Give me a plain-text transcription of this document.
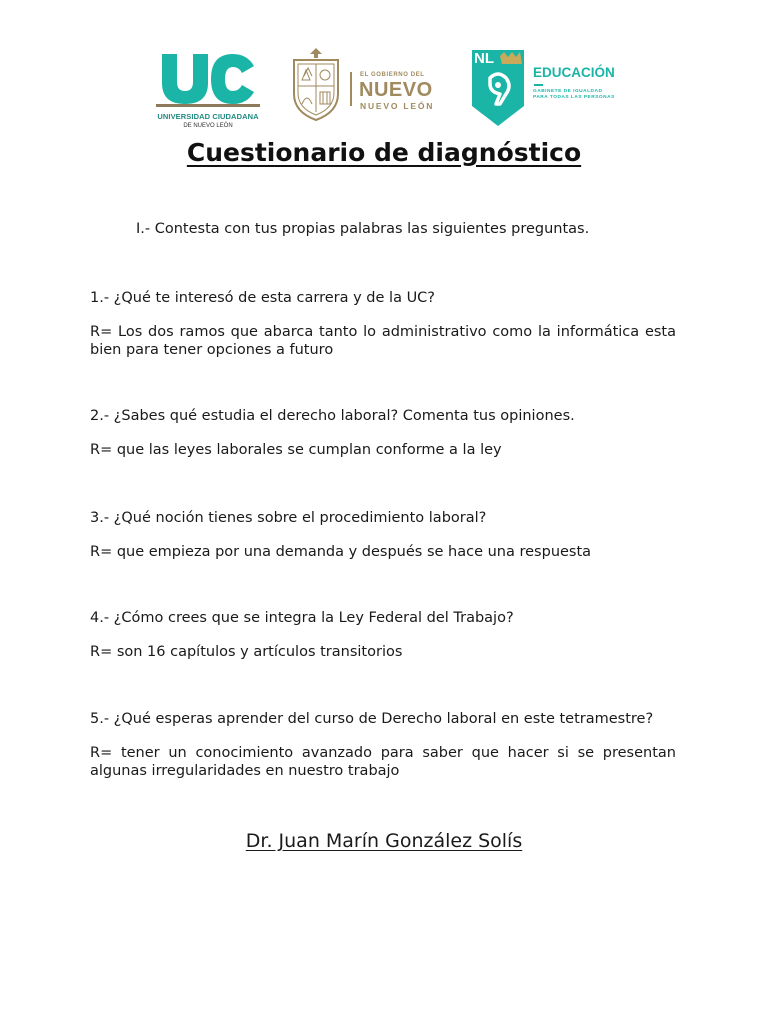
UNIVERSIDAD CIUDADANA
DE NUEVO LEÓN
EL GOBIERNO DEL
NUEVO
NUEVO LEÓN
NL
EDUCACIÓN
GABINETE DE IGUALDAD
PARA TODAS LAS PERSONAS
Cuestionario de diagnóstico
I.- Contesta con tus propias palabras las siguientes preguntas.

1.- ¿Qué te interesó de esta carrera y de la UC?

R= Los dos ramos que abarca tanto lo administrativo como la informática esta bien para tener opciones a futuro

2.- ¿Sabes qué estudia el derecho laboral? Comenta tus opiniones.

R= que las leyes laborales se cumplan conforme a la ley

3.- ¿Qué noción tienes sobre el procedimiento laboral?

R= que empieza por una demanda y después se hace una respuesta

4.- ¿Cómo crees que se integra la Ley Federal del Trabajo?

R= son 16 capítulos y artículos transitorios

5.- ¿Qué esperas aprender del curso de Derecho laboral en este tetramestre?

R= tener un conocimiento avanzado para saber que hacer si se presentan algunas irregularidades en nuestro trabajo

Dr. Juan Marín González Solís
